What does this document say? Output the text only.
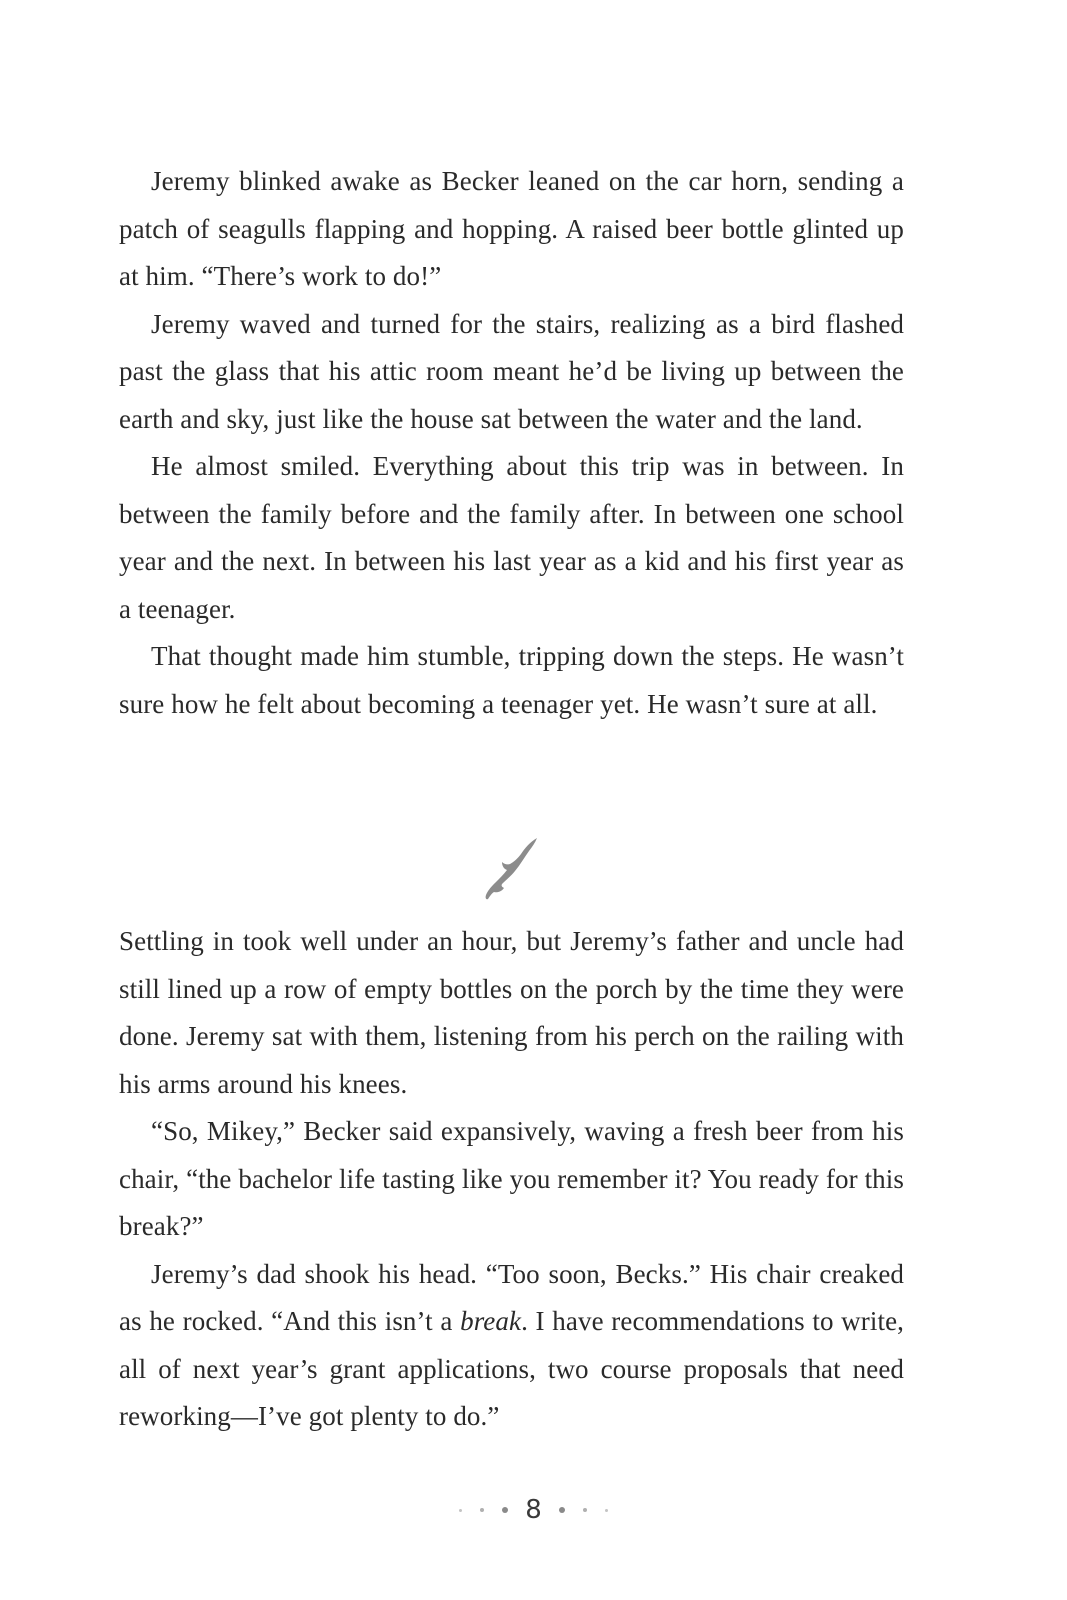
Jeremy blinked awake as Becker leaned on the car horn, sending a patch of seagulls flapping and hopping. A raised beer bottle glinted up at him. “There’s work to do!”

Jeremy waved and turned for the stairs, realizing as a bird flashed past the glass that his attic room meant he’d be living up between the earth and sky, just like the house sat between the water and the land.

He almost smiled. Everything about this trip was in between. In between the family before and the family after. In between one school year and the next. In between his last year as a kid and his first year as a teenager.

That thought made him stumble, tripping down the steps. He wasn’t sure how he felt about becoming a teenager yet. He wasn’t sure at all.

Settling in took well under an hour, but Jeremy’s father and uncle had still lined up a row of empty bottles on the porch by the time they were done. Jeremy sat with them, listening from his perch on the railing with his arms around his knees.

“So, Mikey,” Becker said expansively, waving a fresh beer from his chair, “the bachelor life tasting like you remember it? You ready for this break?”

Jeremy’s dad shook his head. “Too soon, Becks.” His chair creaked as he rocked. “And this isn’t a break. I have recommendations to write, all of next year’s grant applications, two course proposals that need reworking—I’ve got plenty to do.”

8
